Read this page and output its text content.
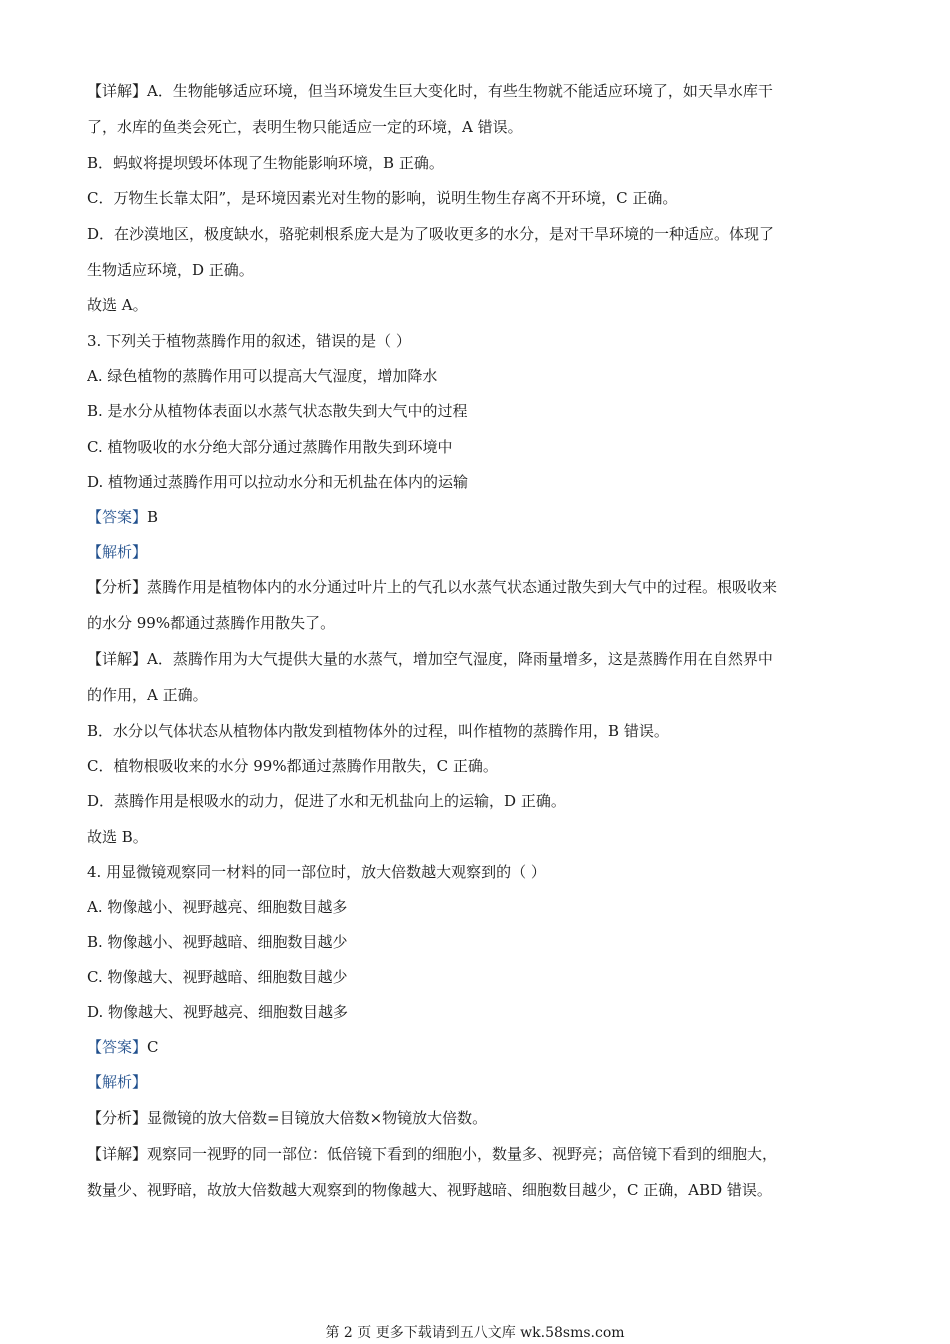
【详解】A．生物能够适应环境，但当环境发生巨大变化时，有些生物就不能适应环境了，如天旱水库干
了，水库的鱼类会死亡，表明生物只能适应一定的环境，A 错误。
B．蚂蚁将提坝毁坏体现了生物能影响环境，B 正确。
C．万物生长靠太阳”，是环境因素光对生物的影响，说明生物生存离不开环境，C 正确。
D．在沙漠地区，极度缺水，骆驼刺根系庞大是为了吸收更多的水分，是对干旱环境的一种适应。体现了
生物适应环境，D 正确。
故选 A。
3. 下列关于植物蒸腾作用的叙述，错误的是（ ）
A. 绿色植物的蒸腾作用可以提高大气湿度，增加降水
B. 是水分从植物体表面以水蒸气状态散失到大气中的过程
C. 植物吸收的水分绝大部分通过蒸腾作用散失到环境中
D. 植物通过蒸腾作用可以拉动水分和无机盐在体内的运输
【答案】B
【解析】
【分析】蒸腾作用是植物体内的水分通过叶片上的气孔以水蒸气状态通过散失到大气中的过程。根吸收来
的水分 99%都通过蒸腾作用散失了。
【详解】A．蒸腾作用为大气提供大量的水蒸气，增加空气湿度，降雨量增多，这是蒸腾作用在自然界中
的作用，A 正确。
B．水分以气体状态从植物体内散发到植物体外的过程，叫作植物的蒸腾作用，B 错误。
C．植物根吸收来的水分 99%都通过蒸腾作用散失，C 正确。
D．蒸腾作用是根吸水的动力，促进了水和无机盐向上的运输，D 正确。
故选 B。
4. 用显微镜观察同一材料的同一部位时，放大倍数越大观察到的（ ）
A. 物像越小、视野越亮、细胞数目越多
B. 物像越小、视野越暗、细胞数目越少
C. 物像越大、视野越暗、细胞数目越少
D. 物像越大、视野越亮、细胞数目越多
【答案】C
【解析】
【分析】显微镜的放大倍数=目镜放大倍数×物镜放大倍数。
【详解】观察同一视野的同一部位：低倍镜下看到的细胞小，数量多、视野亮；高倍镜下看到的细胞大，
数量少、视野暗，故放大倍数越大观察到的物像越大、视野越暗、细胞数目越少，C 正确，ABD 错误。
第 2 页 更多下载请到五八文库 wk.58sms.com
